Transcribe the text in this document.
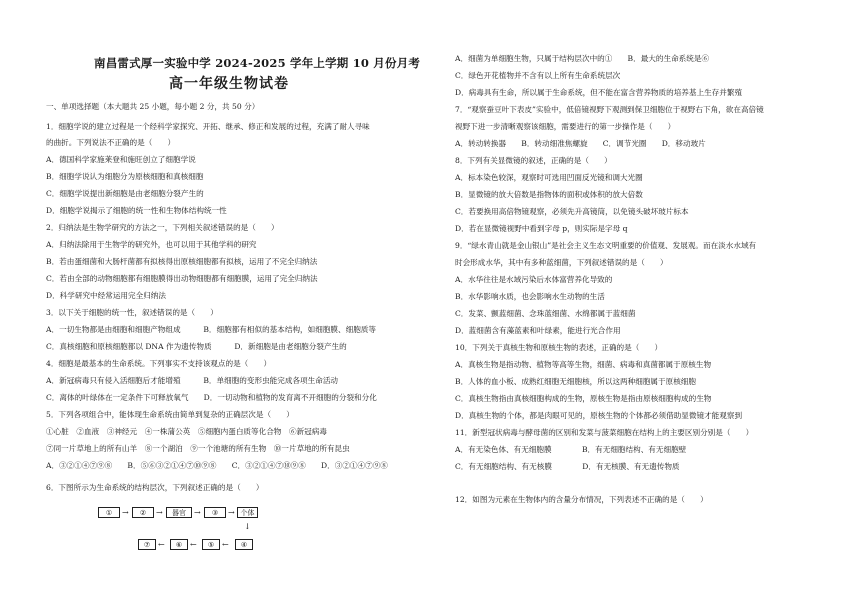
南昌雷式厚一实验中学 2024-2025 学年上学期 10 月份月考
高一年级生物试卷
一、单项选择题（本大题共 25 小题，每小题 2 分，共 50 分）
1．细胞学说的建立过程是一个经科学家探究、开拓、继承、修正和发展的过程，充满了耐人寻味
的曲折。下列说法不正确的是（　　）
A．德国科学家施莱登和施旺创立了细胞学说
B．细胞学说认为细胞分为原核细胞和真核细胞
C．细胞学说提出新细胞是由老细胞分裂产生的
D．细胞学说揭示了细胞的统一性和生物体结构统一性
2．归纳法是生物学研究的方法之一，下列相关叙述错误的是（　　）
A．归纳法除用于生物学的研究外，也可以用于其他学科的研究
B．若由蛋细菌和大肠杆菌都有拟核得出原核细胞都有拟核，运用了不完全归纳法
C．若由全部的动物细胞都有细胞膜得出动物细胞都有细胞膜，运用了完全归纳法
D．科学研究中经常运用完全归纳法
3．以下关于细胞的统一性，叙述错误的是（　　）
A．一切生物都是由细胞和细胞产物组成　　　B．细胞都有相似的基本结构，如细胞膜、细胞质等
C．真核细胞和原核细胞都以 DNA 作为遗传物质　　　D．新细胞是由老细胞分裂产生的
4．细胞是最基本的生命系统。下列事实不支持该观点的是（　　）
A．新冠病毒只有侵入活细胞后才能增殖　　　B．单细胞的变形虫能完成各项生命活动
C．离体的叶绿体在一定条件下可释放氧气　　D．一切动物和植物的发育离不开细胞的分裂和分化
5．下列各项组合中，能体现生命系统由简单到复杂的正确层次是（　　）
①心脏　②血液　③神经元　④一株蒲公英　⑤细胞内蛋白质等化合物　⑥新冠病毒
⑦同一片草地上的所有山羊　⑧一个湖泊　⑨一个池塘的所有生物　⑩一片草地的所有昆虫
A．③②①④⑦⑨⑧　　B．⑤⑥③②①④⑦⑩⑨⑧　　C．③②①④⑦⑩⑨⑧　　D．③②①④⑦⑨⑧
6．下图所示为生命系统的结构层次，下列叙述正确的是（　　）
①	→	②	→	器官	→	③	→ 个体
↓
⑦ ←	⑥ ←	⑤ ←	④
A．细菌为单细胞生物，只属于结构层次中的①　　B．最大的生命系统是⑥
C．绿色开花植物并不含有以上所有生命系统层次
D．病毒具有生命，所以属于生命系统，但不能在富含营养物质的培养基上生存并繁殖
7．“观察蚕豆叶下表皮”实验中，低倍镜视野下观测到保卫细胞位于视野右下角，欲在高倍镜
视野下进一步清晰观察该细胞，需要进行的第一步操作是（　　）
A．转动转换器　　B．转动细准焦螺旋　　C．调节光圈　　D．移动玻片
8．下列有关显微镜的叙述，正确的是（　　）
A．标本染色较深，观察时可选用凹面反光镜和调大光圈
B．显微镜的放大倍数是指物体的面积或体积的放大倍数
C．若要换用高倍物镜观察，必须先升高镜筒，以免镜头破坏玻片标本
D．若在显微镜视野中看到字母 p，则实际是字母 q
9．“绿水青山就是金山银山”是社会主义生态文明重要的价值观、发展观。而在淡水水域有
时会形成水华，其中有多种蓝细菌，下列叙述错误的是（　　）
A．水华往往是水域污染后水体富营养化导致的
B．水华影响水质，也会影响水生动物的生活
C．发菜、颤蓝细菌、念珠蓝细菌、水绵都属于蓝细菌
D．蓝细菌含有藻蓝素和叶绿素，能进行光合作用
10．下列关于真核生物和原核生物的表述，正确的是（　　）
A．真核生物是指动物、植物等高等生物，细菌、病毒和真菌都属于原核生物
B．人体的血小板、成熟红细胞无细胞核，所以这两种细胞属于原核细胞
C．真核生物指由真核细胞构成的生物，原核生物是指由原核细胞构成的生物
D．真核生物的个体，都是肉眼可见的，原核生物的个体都必须借助显微镜才能观察到
11．新型冠状病毒与酵母菌的区别和发菜与菠菜细胞在结构上的主要区别分别是（　　）
A．有无染色体、有无细胞膜　　　　B．有无细胞结构、有无细胞壁
C．有无细胞结构、有无核膜　　　　D．有无核膜、有无遗传物质
12．如图为元素在生物体内的含量分布情况，下列表述不正确的是（　　）
